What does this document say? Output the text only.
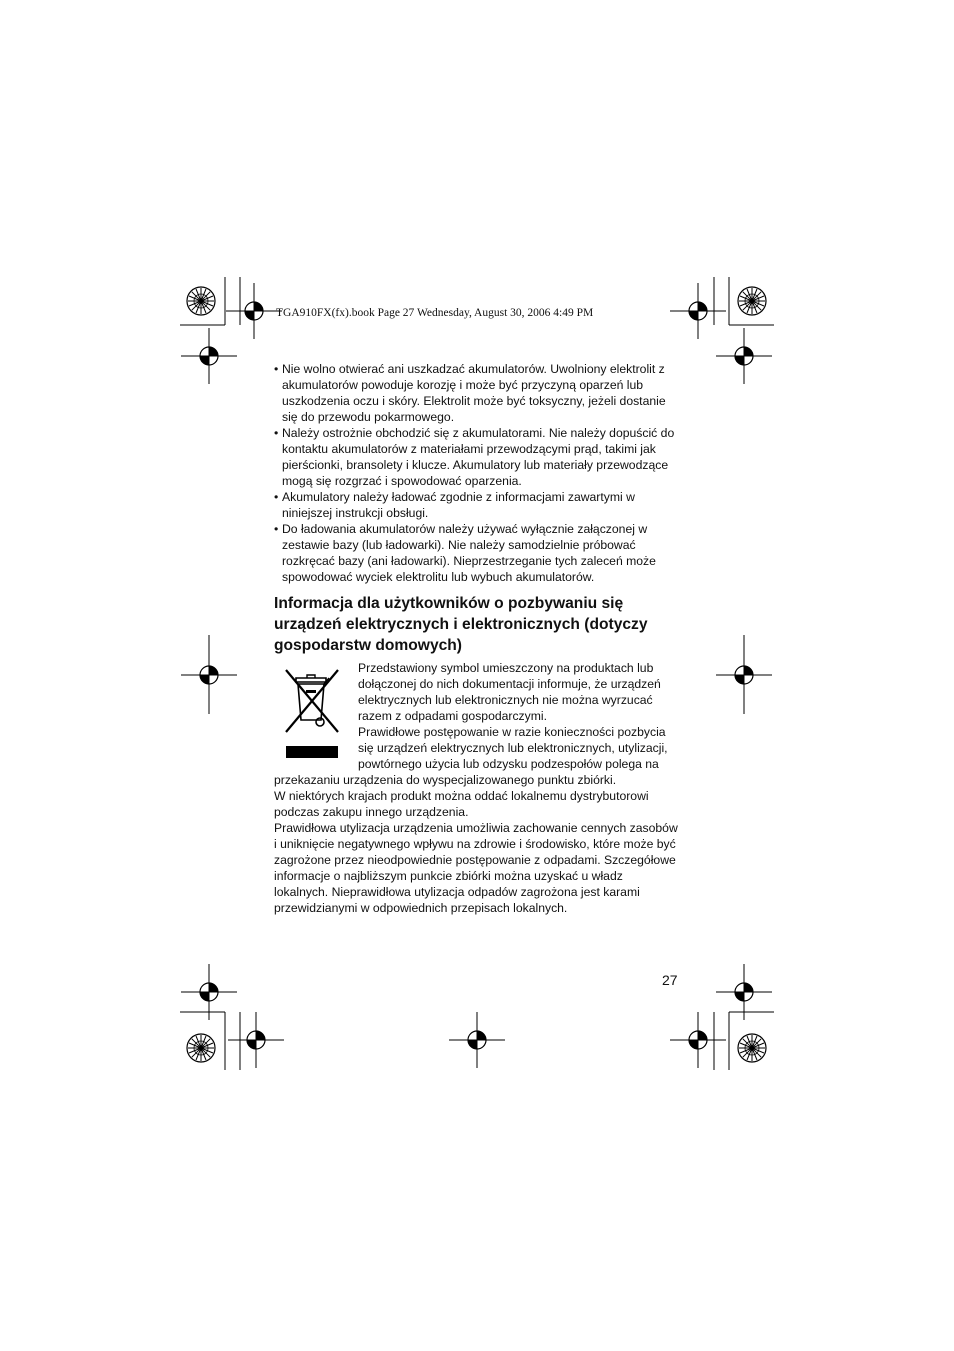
TGA910FX(fx).book Page 27 Wednesday, August 30, 2006 4:49 PM
• Nie wolno otwierać ani uszkadzać akumulatorów. Uwolniony elektrolit z akumulatorów powoduje korozję i może być przyczyną oparzeń lub uszkodzenia oczu i skóry. Elektrolit może być toksyczny, jeżeli dostanie się do przewodu pokarmowego.
• Należy ostrożnie obchodzić się z akumulatorami. Nie należy dopuścić do kontaktu akumulatorów z materiałami przewodzącymi prąd, takimi jak pierścionki, bransolety i klucze. Akumulatory lub materiały przewodzące mogą się rozgrzać i spowodować oparzenia.
• Akumulatory należy ładować zgodnie z informacjami zawartymi w niniejszej instrukcji obsługi.
• Do ładowania akumulatorów należy używać wyłącznie załączonej w zestawie bazy (lub ładowarki). Nie należy samodzielnie próbować rozkręcać bazy (ani ładowarki). Nieprzestrzeganie tych zaleceń może spowodować wyciek elektrolitu lub wybuch akumulatorów.
Informacja dla użytkowników o pozbywaniu się urządzeń elektrycznych i elektronicznych (dotyczy gospodarstw domowych)

Przedstawiony symbol umieszczony na produktach lub dołączonej do nich dokumentacji informuje, że urządzeń elektrycznych lub elektronicznych nie można wyrzucać razem z odpadami gospodarczymi.

Prawidłowe postępowanie w razie konieczności pozbycia się urządzeń elektrycznych lub elektronicznych, utylizacji, powtórnego użycia lub odzysku podzespołów polega na przekazaniu urządzenia do wyspecjalizowanego punktu zbiórki.

W niektórych krajach produkt można oddać lokalnemu dystrybutorowi podczas zakupu innego urządzenia.

Prawidłowa utylizacja urządzenia umożliwia zachowanie cennych zasobów i uniknięcie negatywnego wpływu na zdrowie i środowisko, które może być zagrożone przez nieodpowiednie postępowanie z odpadami. Szczegółowe informacje o najbliższym punkcie zbiórki można uzyskać u władz lokalnych. Nieprawidłowa utylizacja odpadów zagrożona jest karami przewidzianymi w odpowiednich przepisach lokalnych.

27
